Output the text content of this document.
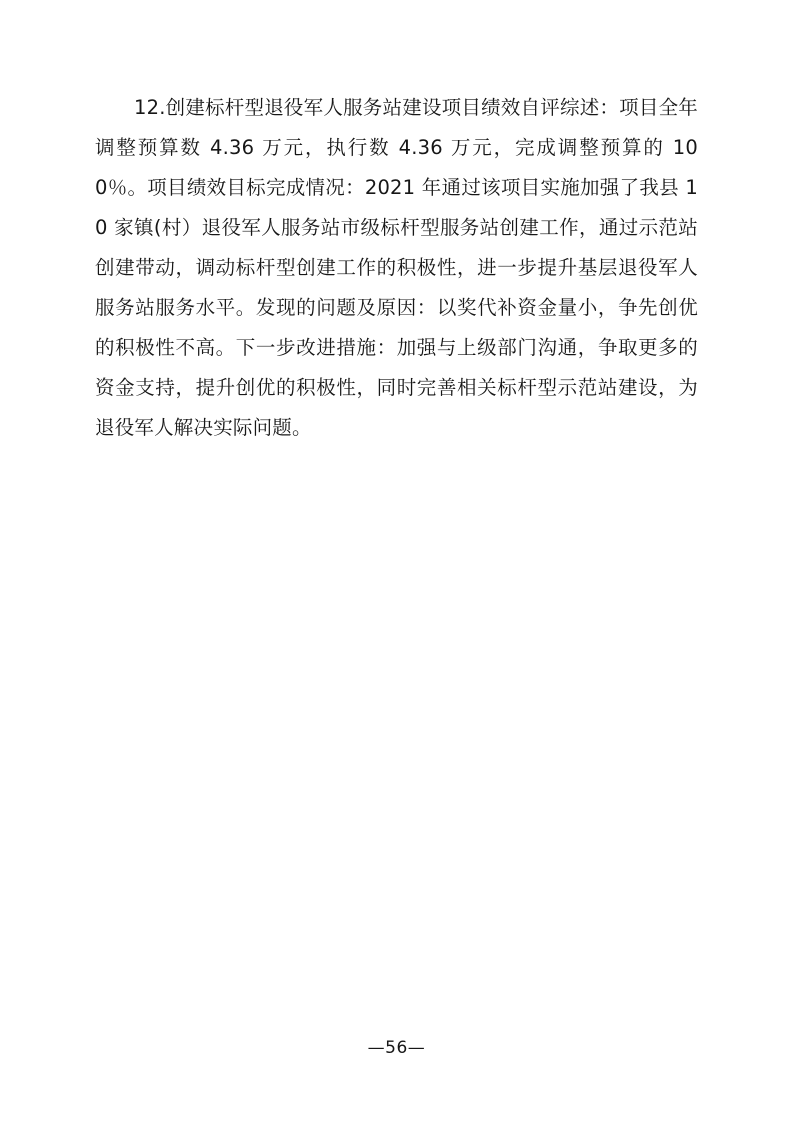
12.创建标杆型退役军人服务站建设项目绩效自评综述：项目全年调整预算数 4.36 万元，执行数 4.36 万元，完成调整预算的 100％。项目绩效目标完成情况：2021 年通过该项目实施加强了我县 10 家镇(村）退役军人服务站市级标杆型服务站创建工作，通过示范站创建带动，调动标杆型创建工作的积极性，进一步提升基层退役军人服务站服务水平。发现的问题及原因：以奖代补资金量小，争先创优的积极性不高。下一步改进措施：加强与上级部门沟通，争取更多的资金支持，提升创优的积极性，同时完善相关标杆型示范站建设，为退役军人解决实际问题。

—56—
